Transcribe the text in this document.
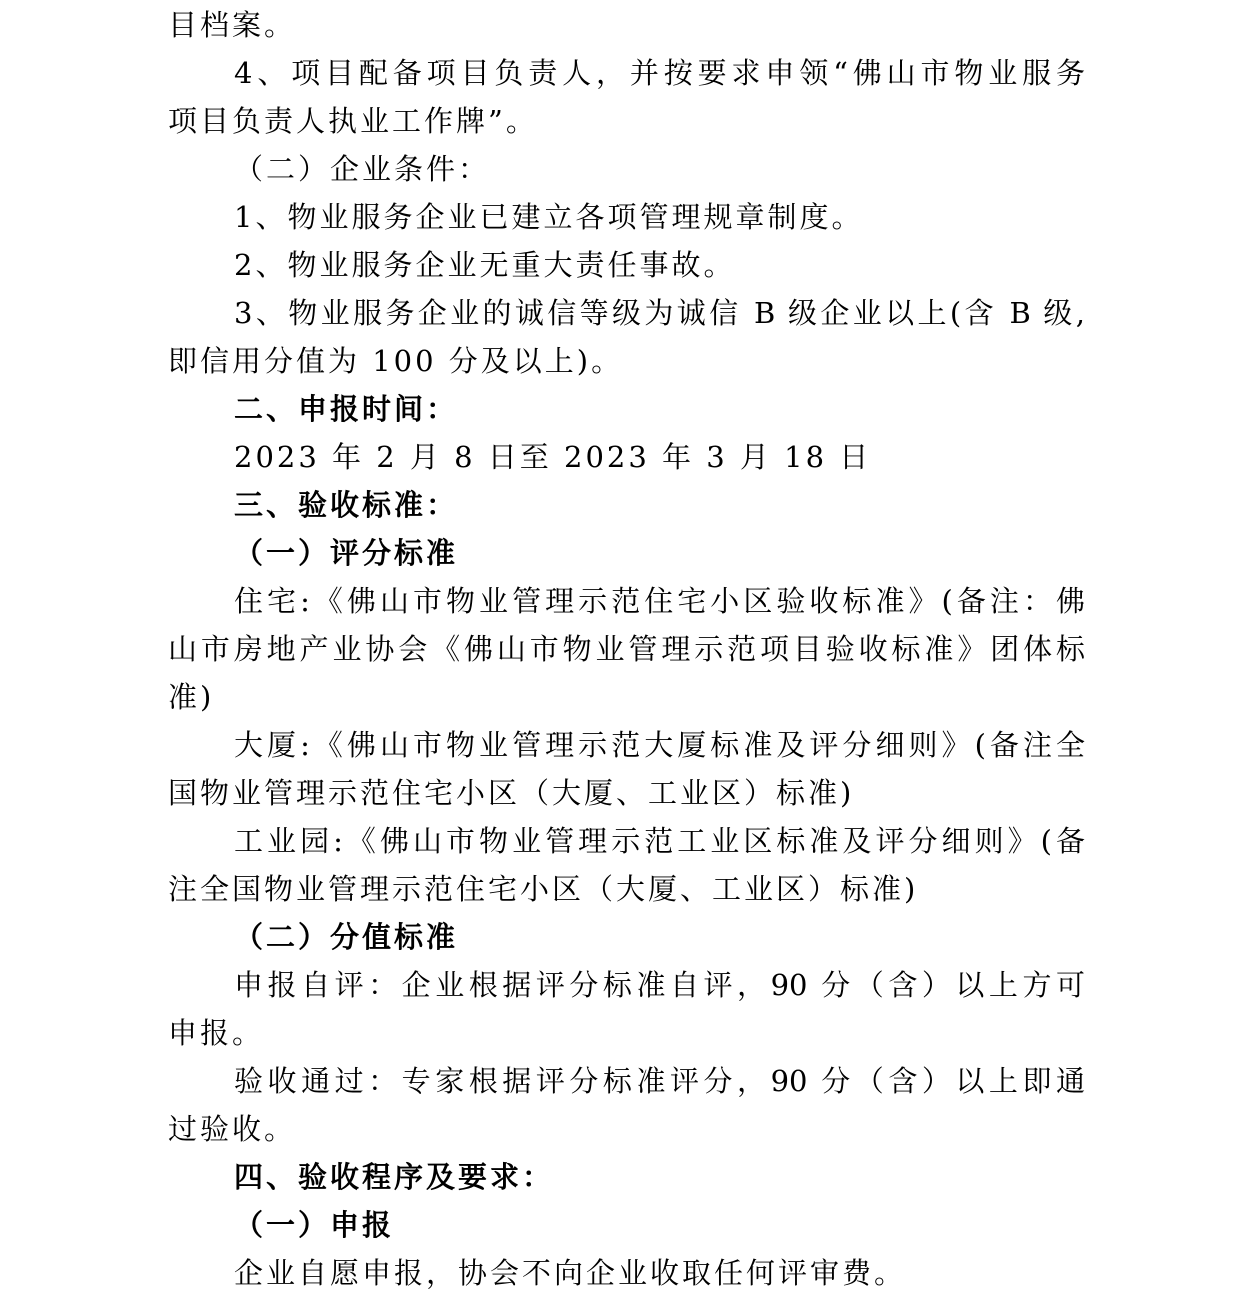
目档案。
4、项目配备项目负责人，并按要求申领“佛山市物业服务
项目负责人执业工作牌”。
（二）企业条件：
1、物业服务企业已建立各项管理规章制度。
2、物业服务企业无重大责任事故。
3、物业服务企业的诚信等级为诚信 B 级企业以上(含 B 级,
即信用分值为 100 分及以上)。
二、申报时间：
2023 年 2 月 8 日至 2023 年 3 月 18 日
三、验收标准：
（一）评分标准
住宅:《佛山市物业管理示范住宅小区验收标准》(备注：佛
山市房地产业协会《佛山市物业管理示范项目验收标准》团体标
准)
大厦:《佛山市物业管理示范大厦标准及评分细则》(备注全
国物业管理示范住宅小区（大厦、工业区）标准)
工业园:《佛山市物业管理示范工业区标准及评分细则》(备
注全国物业管理示范住宅小区（大厦、工业区）标准)
（二）分值标准
申报自评：企业根据评分标准自评，90 分（含）以上方可
申报。
验收通过：专家根据评分标准评分，90 分（含）以上即通
过验收。
四、验收程序及要求：
（一）申报
企业自愿申报，协会不向企业收取任何评审费。
